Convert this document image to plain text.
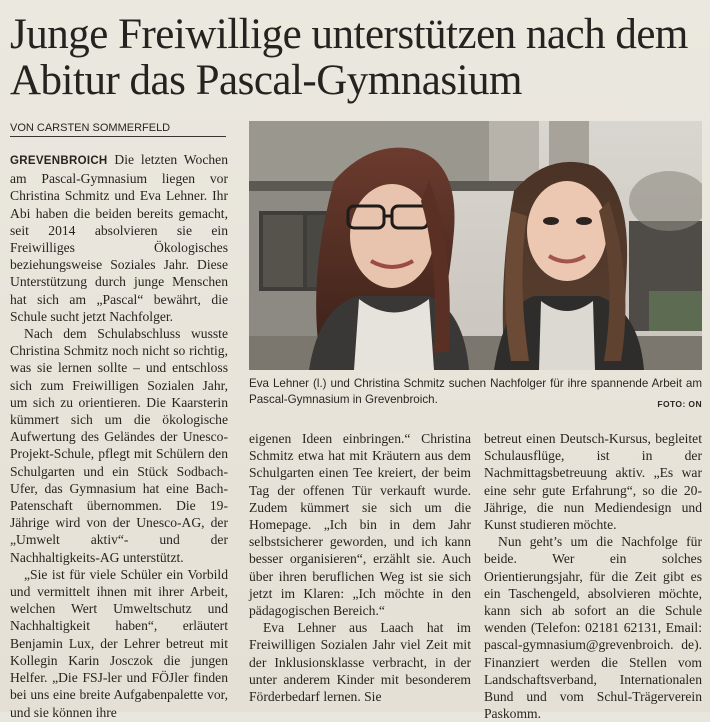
Junge Freiwillige unterstützen nach dem Abitur das Pascal-Gymnasium
VON CARSTEN SOMMERFELD

GREVENBROICH Die letzten Wochen am Pascal-Gymnasium liegen vor Christina Schmitz und Eva Lehner. Ihr Abi haben die beiden bereits gemacht, seit 2014 absolvieren sie ein Freiwilliges Ökologisches beziehungsweise Soziales Jahr. Diese Unterstützung durch junge Menschen hat sich am „Pascal“ bewährt, die Schule sucht jetzt Nachfolger.

Nach dem Schulabschluss wusste Christina Schmitz noch nicht so richtig, was sie lernen sollte – und entschloss sich zum Freiwilligen Sozialen Jahr, um sich zu orientieren. Die Kaarsterin kümmert sich um die ökologische Aufwertung des Geländes der Unesco-Projekt-Schule, pflegt mit Schülern den Schulgarten und ein Stück Sodbach-Ufer, das Gymnasium hat eine Bach-Patenschaft übernommen. Die 19-Jährige wird von der Unesco-AG, der „Umwelt aktiv“- und der Nachhaltigkeits-AG unterstützt.

„Sie ist für viele Schüler ein Vorbild und vermittelt ihnen mit ihrer Arbeit, welchen Wert Umweltschutz und Nachhaltigkeit haben“, erläutert Benjamin Lux, der Lehrer betreut mit Kollegin Karin Josczok die jungen Helfer. „Die FSJ-ler und FÖJler finden bei uns eine breite Aufgabenpalette vor, und sie können ihre

Eva Lehner (l.) und Christina Schmitz suchen Nachfolger für ihre spannende Arbeit am Pascal-Gymnasium in Grevenbroich.	FOTO: ON

eigenen Ideen einbringen.“ Christina Schmitz etwa hat mit Kräutern aus dem Schulgarten einen Tee kreiert, der beim Tag der offenen Tür verkauft wurde. Zudem kümmert sie sich um die Homepage. „Ich bin in dem Jahr selbstsicherer geworden, und ich kann besser organisieren“, erzählt sie. Auch über ihren beruflichen Weg ist sie sich jetzt im Klaren: „Ich möchte in den pädagogischen Bereich.“

Eva Lehner aus Laach hat im Freiwilligen Sozialen Jahr viel Zeit mit der Inklusionsklasse verbracht, in der unter anderem Kinder mit besonderem Förderbedarf lernen. Sie

betreut einen Deutsch-Kursus, begleitet Schulausflüge, ist in der Nachmittagsbetreuung aktiv. „Es war eine sehr gute Erfahrung“, so die 20-Jährige, die nun Mediendesign und Kunst studieren möchte.

Nun geht’s um die Nachfolge für beide. Wer ein solches Orientierungsjahr, für die Zeit gibt es ein Taschengeld, absolvieren möchte, kann sich ab sofort an die Schule wenden (Telefon: 02181 62131, Email: pascal-gymnasium@grevenbroich. de). Finanziert werden die Stellen vom Landschaftsverband, Internationalen Bund und vom Schul-Trägerverein Paskomm.
